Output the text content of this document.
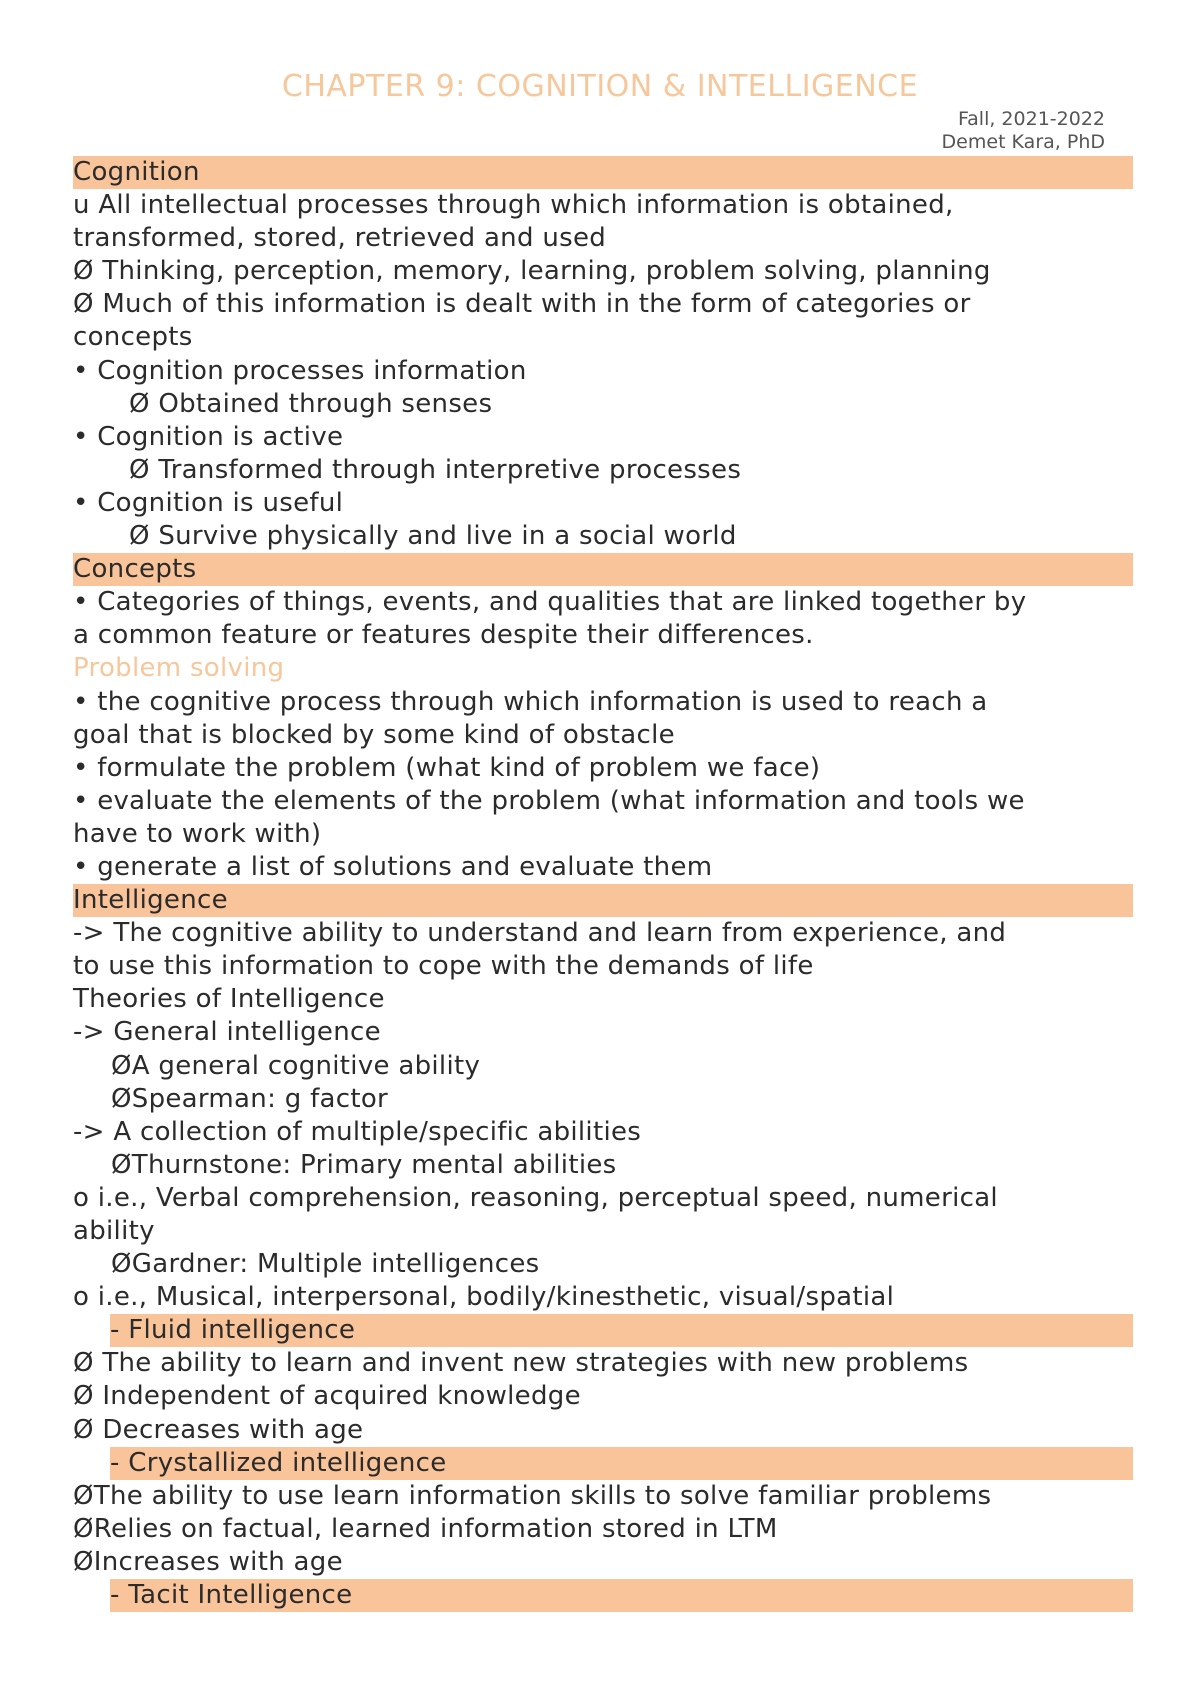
CHAPTER 9: COGNITION & INTELLIGENCE
Fall, 2021-2022
Demet Kara, PhD
Cognition
u All intellectual processes through which information is obtained,
transformed, stored, retrieved and used
Ø Thinking, perception, memory, learning, problem solving, planning
Ø Much of this information is dealt with in the form of categories or
concepts
• Cognition processes information
Ø Obtained through senses
• Cognition is active
Ø Transformed through interpretive processes
• Cognition is useful
Ø Survive physically and live in a social world
Concepts
• Categories of things, events, and qualities that are linked together by
a common feature or features despite their differences.
Problem solving
• the cognitive process through which information is used to reach a
goal that is blocked by some kind of obstacle
• formulate the problem (what kind of problem we face)
• evaluate the elements of the problem (what information and tools we
have to work with)
• generate a list of solutions and evaluate them
Intelligence
-> The cognitive ability to understand and learn from experience, and
to use this information to cope with the demands of life
Theories of Intelligence
-> General intelligence
ØA general cognitive ability
ØSpearman: g factor
-> A collection of multiple/specific abilities
ØThurnstone: Primary mental abilities
o i.e., Verbal comprehension, reasoning, perceptual speed, numerical
ability
ØGardner: Multiple intelligences
o i.e., Musical, interpersonal, bodily/kinesthetic, visual/spatial
- Fluid intelligence
Ø The ability to learn and invent new strategies with new problems
Ø Independent of acquired knowledge
Ø Decreases with age
- Crystallized intelligence
ØThe ability to use learn information skills to solve familiar problems
ØRelies on factual, learned information stored in LTM
ØIncreases with age
- Tacit Intelligence
